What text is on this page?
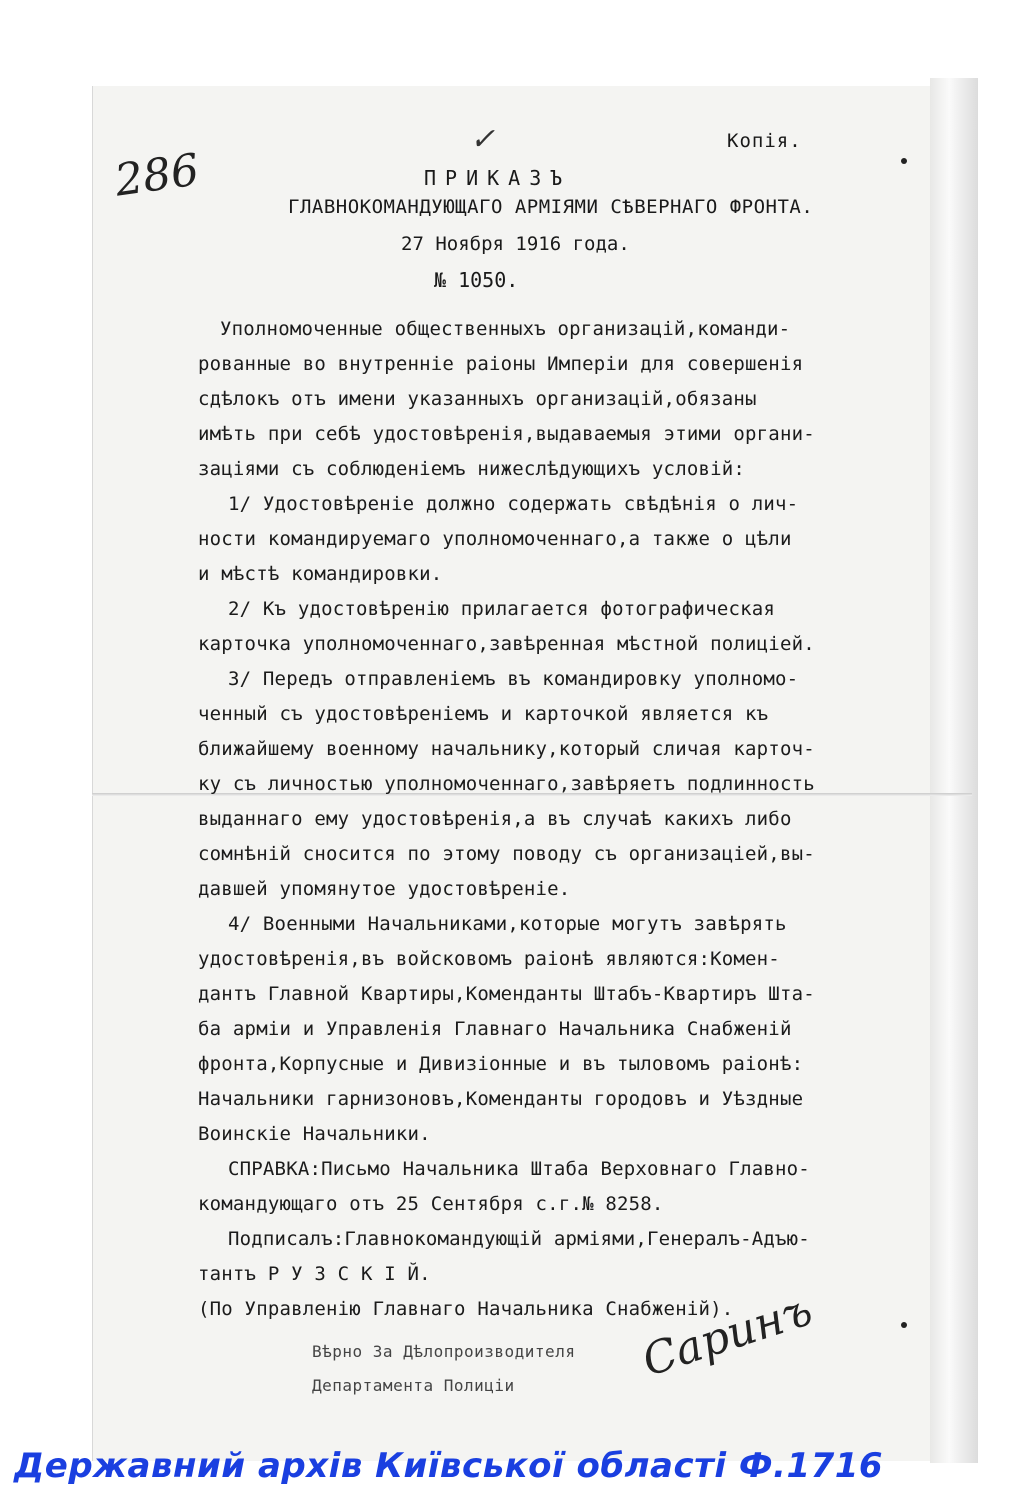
286
✓	Копія.
ПРИКАЗЪ
ГЛАВНОКОМАНДУЮЩАГО АРМІЯМИ СѢВЕРНАГО ФРОНТА.
27 Ноября 1916 года.
№ 1050.
Уполномоченные общественныхъ организацій,команди-
рованные во внутренніе раіоны Имперіи для совершенія
сдѣлокъ отъ имени указанныхъ организацій,обязаны
имѣть при себѣ удостовѣренія,выдаваемыя этими органи-
заціями съ соблюденіемъ нижеслѣдующихъ условій:
1/ Удостовѣреніе должно содержать свѣдѣнія о лич-
ности командируемаго уполномоченнаго,а также о цѣли
и мѣстѣ командировки.
2/ Къ удостовѣренію прилагается фотографическая
карточка уполномоченнаго,завѣренная мѣстной полиціей.
3/ Передъ отправленіемъ въ командировку уполномо-
ченный съ удостовѣреніемъ и карточкой является къ
ближайшему военному начальнику,который сличая карточ-
ку съ личностью уполномоченнаго,завѣряетъ подлинность
выданнаго ему удостовѣренія,а въ случаѣ какихъ либо
сомнѣній сносится по этому поводу съ организаціей,вы-
давшей упомянутое удостовѣреніе.
4/ Военными Начальниками,которые могутъ завѣрять
удостовѣренія,въ войсковомъ раіонѣ являются:Комен-
дантъ Главной Квартиры,Коменданты Штабъ-Квартиръ Шта-
ба арміи и Управленія Главнаго Начальника Снабженій
фронта,Корпусные и Дивизіонные и въ тыловомъ раіонѣ:
Начальники гарнизоновъ,Коменданты городовъ и Уѣздные
Воинскіе Начальники.
СПРАВКА:Письмо Начальника Штаба Верховнаго Главно-
командующаго отъ 25 Сентября с.г.№ 8258.
Подписалъ:Главнокомандующій арміями,Генералъ-Адъю-
тантъ Р У З С К І Й.
(По Управленію Главнаго Начальника Снабженій).
Вѣрно За Дѣлопроизводителя
Департамента Полиціи	Саринъ
Державний архів Київської області Ф.1716
